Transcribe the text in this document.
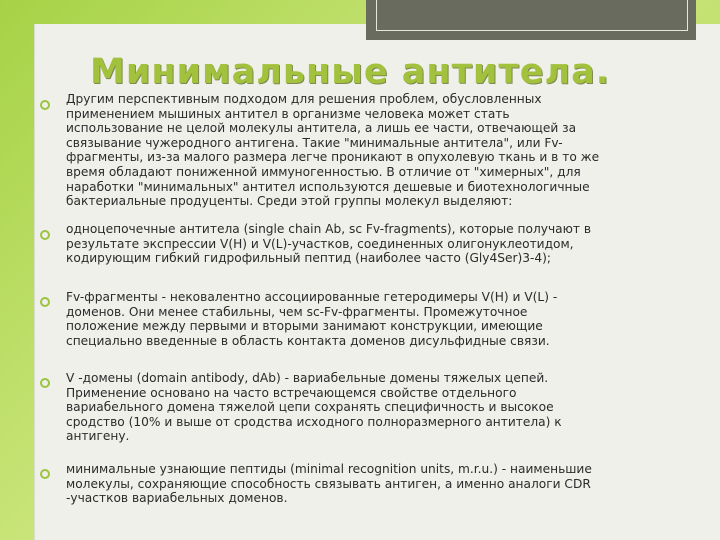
Минимальные антитела.
Другим перспективным подходом для решения проблем, обусловленных
применением мышиных антител в организме человека может стать
использование не целой молекулы антитела, а лишь ее части, отвечающей за
связывание чужеродного антигена. Такие "минимальные антитела", или Fv-
фрагменты, из-за малого размера легче проникают в опухолевую ткань и в то же
время обладают пониженной иммуногенностью. В отличие от "химерных", для
наработки "минимальных" антител используются дешевые и биотехнологичные
бактериальные продуценты. Среди этой группы молекул выделяют:
одноцепочечные антитела (single chain Ab, sc Fv-fragments), которые получают в
результате экспрессии V(H) и V(L)-участков, соединенных олигонуклеотидом,
кодирующим гибкий гидрофильный пептид (наиболее часто (Gly4Ser)3-4);
Fv-фрагменты - нековалентно ассоциированные гетеродимеры V(H) и V(L) -
доменов. Они менее стабильны, чем sc-Fv-фрагменты. Промежуточное
положение между первыми и вторыми занимают конструкции, имеющие
специально введенные в область контакта доменов дисульфидные связи.
V -домены (domain antibody, dAb) - вариабельные домены тяжелых цепей.
Применение основано на часто встречающемся свойстве отдельного
вариабельного домена тяжелой цепи сохранять специфичность и высокое
сродство (10% и выше от сродства исходного полноразмерного антитела) к
антигену.
минимальные узнающие пептиды (minimal recognition units, m.r.u.) - наименьшие
молекулы, сохраняющие способность связывать антиген, а именно аналоги CDR
-участков вариабельных доменов.
